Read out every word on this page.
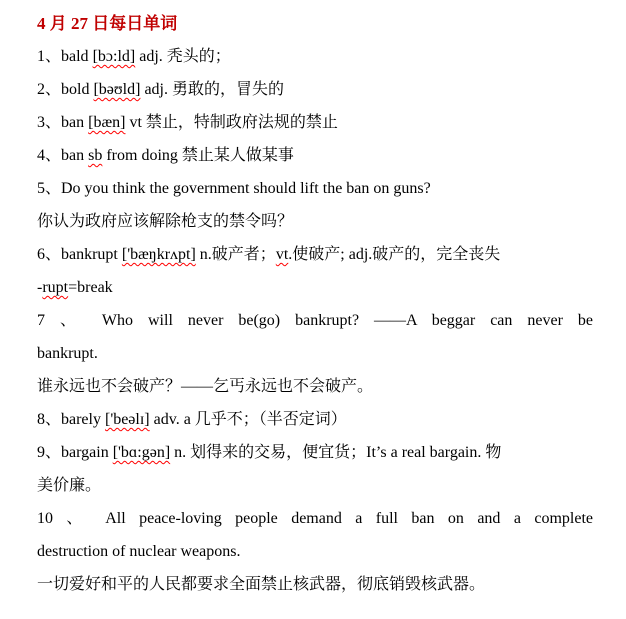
4 月 27 日每日单词
1、bald [bɔ:ld] adj. 秃头的；
2、bold [bəʊld] adj. 勇敢的，冒失的
3、ban [bæn] vt 禁止，特制政府法规的禁止
4、ban sb from doing 禁止某人做某事
5、Do you think the government should lift the ban on guns?
你认为政府应该解除枪支的禁令吗？
6、bankrupt ['bæŋkrʌpt] n.破产者；vt.使破产; adj.破产的，完全丧失
-rupt=break
7 、 Who will never be(go) bankrupt? ——A beggar can never be
bankrupt.
谁永远也不会破产？——乞丐永远也不会破产。
8、barely ['beəlɪ] adv. a 几乎不；（半否定词）
9、bargain ['bɑ:gən] n. 划得来的交易，便宜货；It’s a real bargain. 物
美价廉。
10 、 All peace-loving people demand a full ban on and a complete
destruction of nuclear weapons.
一切爱好和平的人民都要求全面禁止核武器，彻底销毁核武器。
